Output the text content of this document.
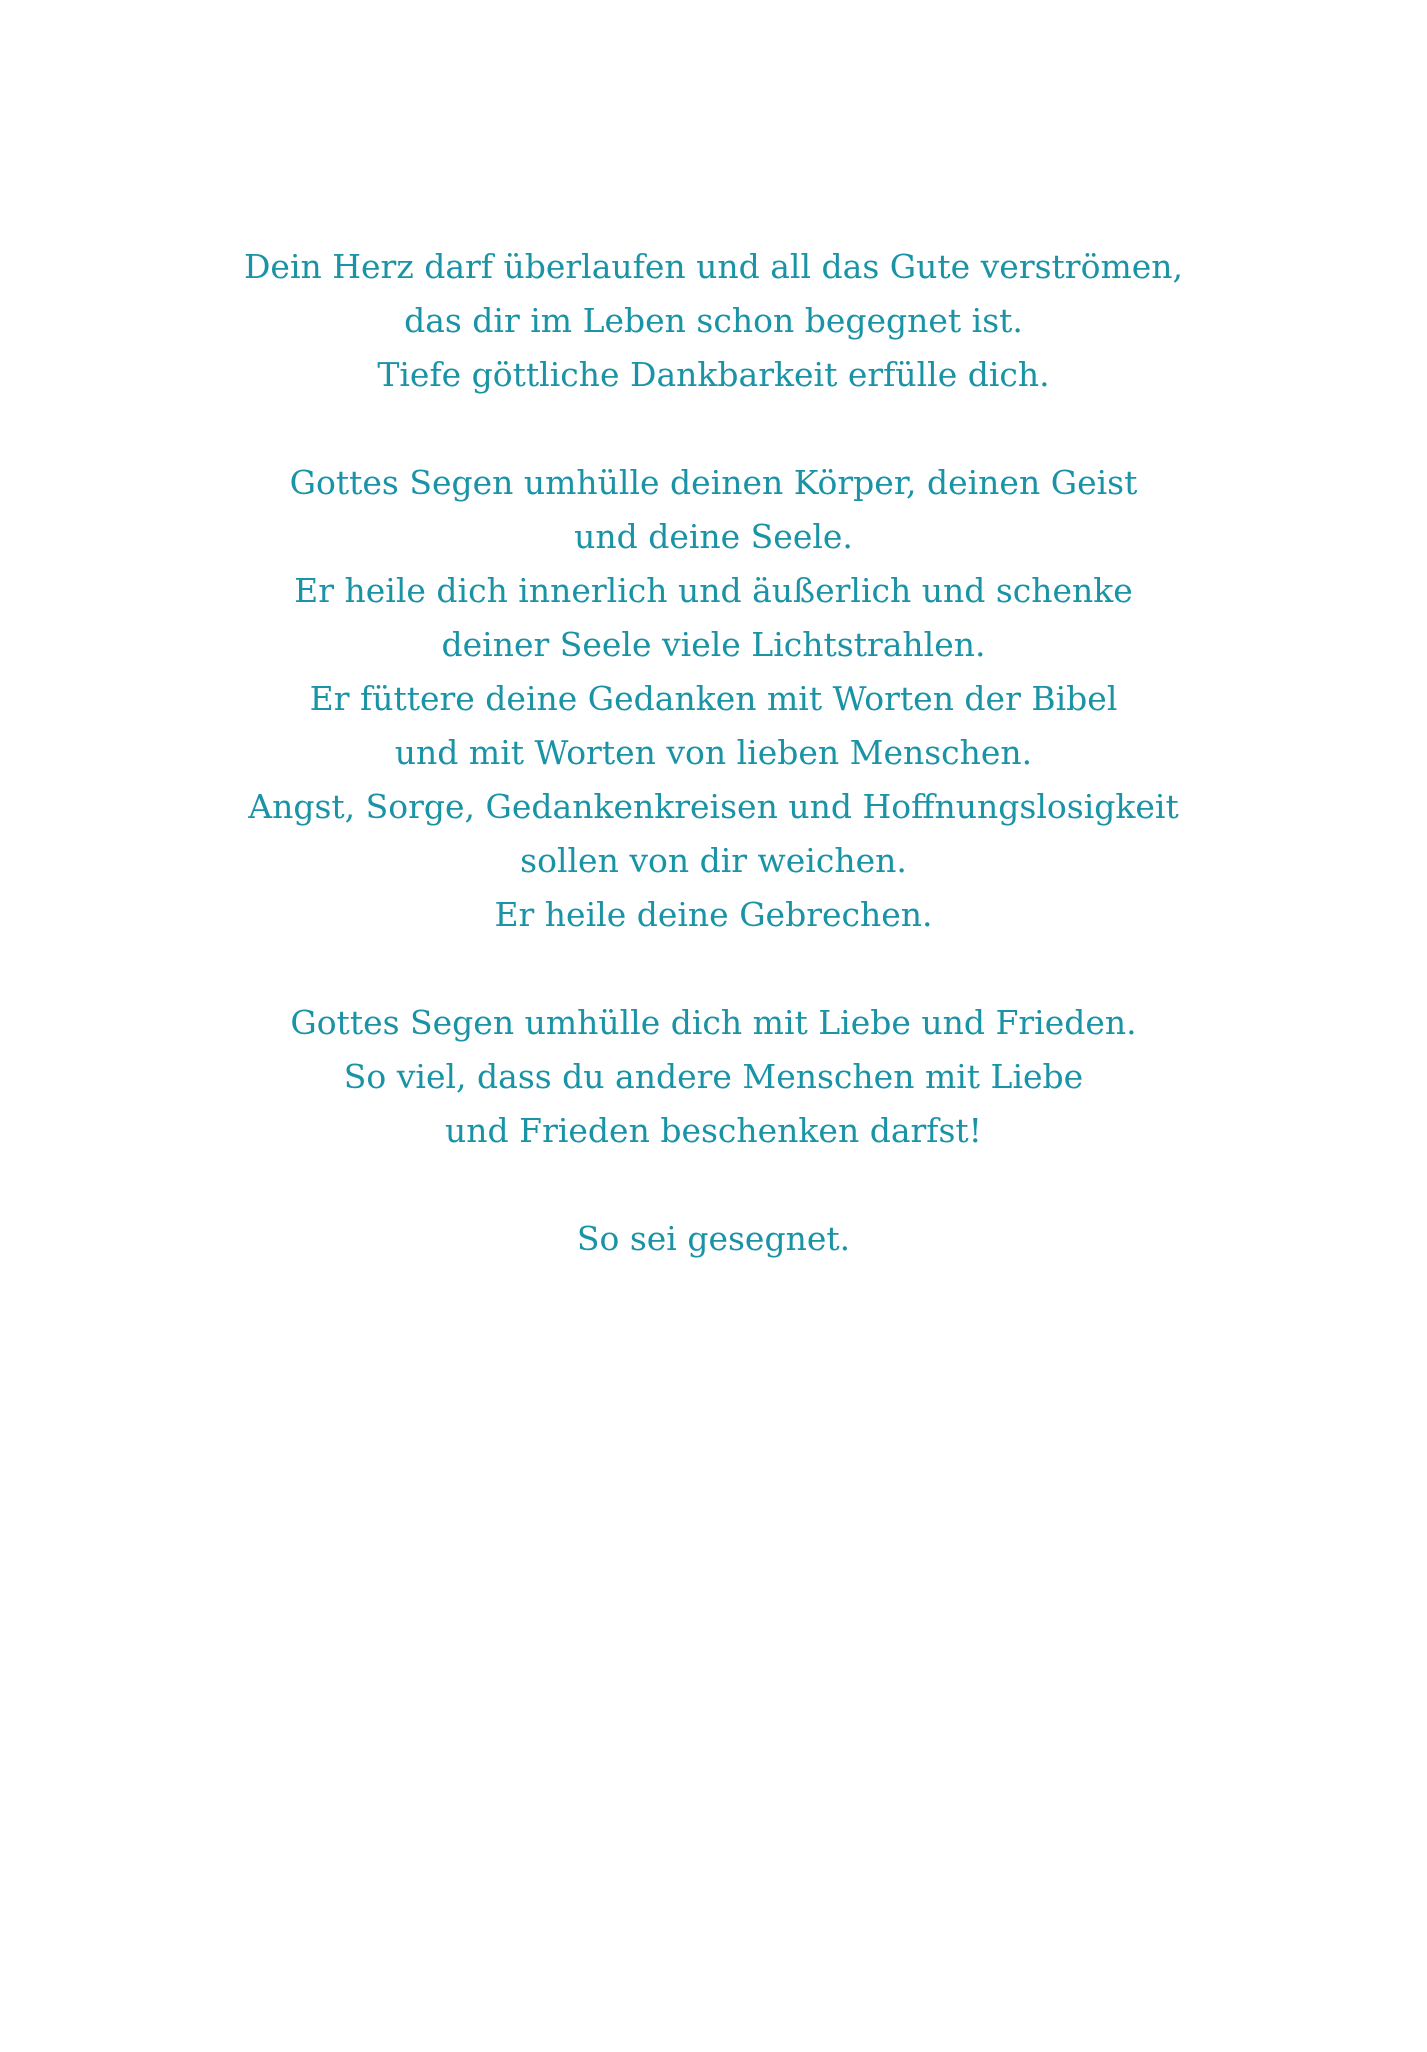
Dein Herz darf überlaufen und all das Gute verströmen,
das dir im Leben schon begegnet ist.
Tiefe göttliche Dankbarkeit erfülle dich.
Gottes Segen umhülle deinen Körper, deinen Geist
und deine Seele.
Er heile dich innerlich und äußerlich und schenke
deiner Seele viele Lichtstrahlen.
Er füttere deine Gedanken mit Worten der Bibel
und mit Worten von lieben Menschen.
Angst, Sorge, Gedankenkreisen und Hoffnungslosigkeit
sollen von dir weichen.
Er heile deine Gebrechen.
Gottes Segen umhülle dich mit Liebe und Frieden.
So viel, dass du andere Menschen mit Liebe
und Frieden beschenken darfst!
So sei gesegnet.
